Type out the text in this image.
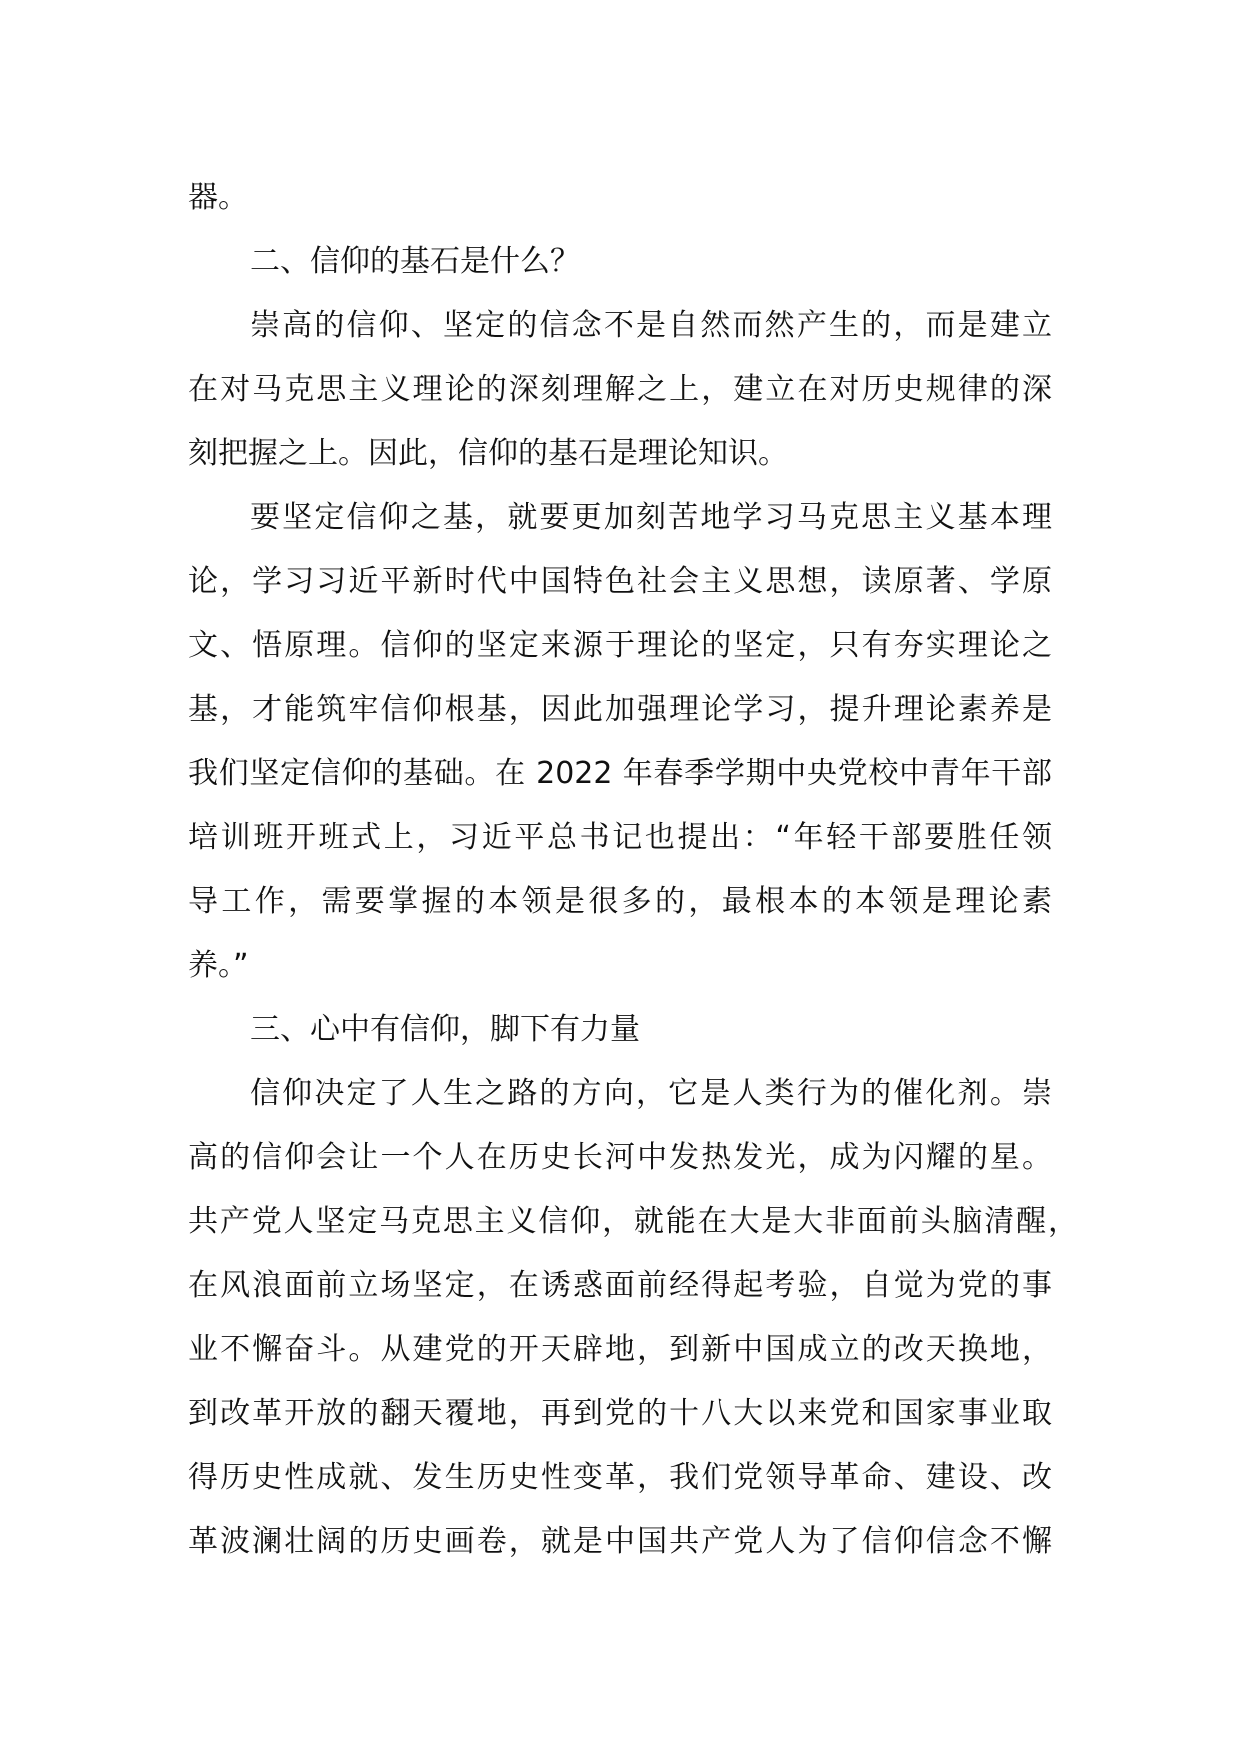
器。
二、信仰的基石是什么？
崇高的信仰、坚定的信念不是自然而然产生的，而是建立
在对马克思主义理论的深刻理解之上，建立在对历史规律的深
刻把握之上。因此，信仰的基石是理论知识。
要坚定信仰之基，就要更加刻苦地学习马克思主义基本理
论，学习习近平新时代中国特色社会主义思想，读原著、学原
文、悟原理。信仰的坚定来源于理论的坚定，只有夯实理论之
基，才能筑牢信仰根基，因此加强理论学习，提升理论素养是
我们坚定信仰的基础。在 2022 年春季学期中央党校中青年干部
培训班开班式上，习近平总书记也提出：“年轻干部要胜任领
导工作，需要掌握的本领是很多的，最根本的本领是理论素
养。”
三、心中有信仰，脚下有力量
信仰决定了人生之路的方向，它是人类行为的催化剂。崇
高的信仰会让一个人在历史长河中发热发光，成为闪耀的星。
共产党人坚定马克思主义信仰，就能在大是大非面前头脑清醒，
在风浪面前立场坚定，在诱惑面前经得起考验，自觉为党的事
业不懈奋斗。从建党的开天辟地，到新中国成立的改天换地，
到改革开放的翻天覆地，再到党的十八大以来党和国家事业取
得历史性成就、发生历史性变革，我们党领导革命、建设、改
革波澜壮阔的历史画卷，就是中国共产党人为了信仰信念不懈
